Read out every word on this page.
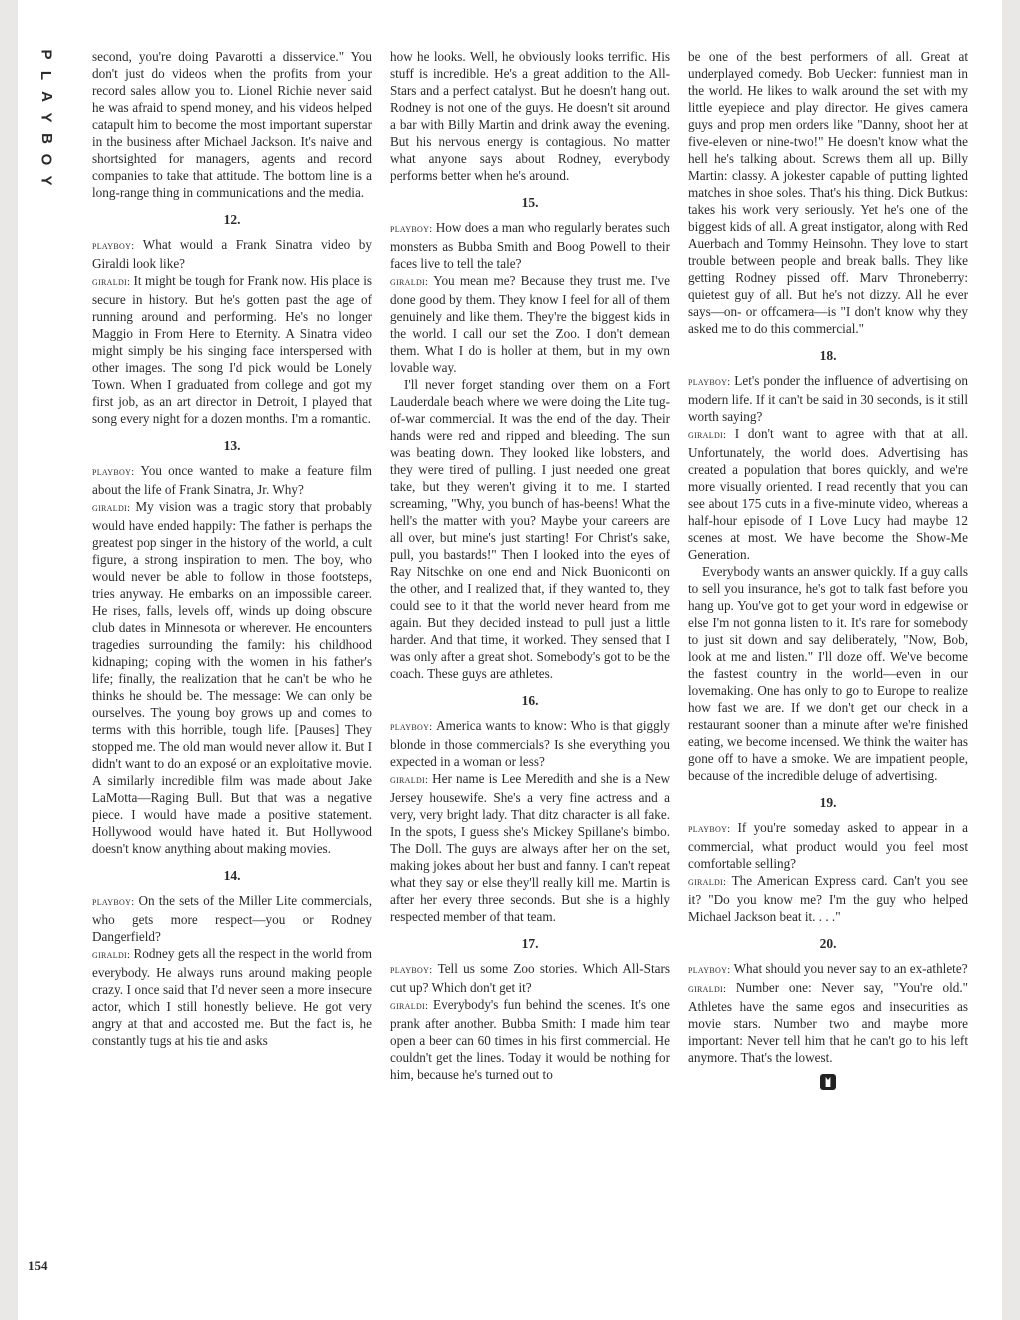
P
L
A
Y
B
O
Y

second, you're doing Pavarotti a disservice." You don't just do videos when the profits from your record sales allow you to. Lionel Richie never said he was afraid to spend money, and his videos helped catapult him to become the most important superstar in the business after Michael Jackson. It's naive and shortsighted for managers, agents and record companies to take that attitude. The bottom line is a long-range thing in communications and the media.

12.

playboy: What would a Frank Sinatra video by Giraldi look like?

giraldi: It might be tough for Frank now. His place is secure in history. But he's gotten past the age of running around and performing. He's no longer Maggio in From Here to Eternity. A Sinatra video might simply be his singing face interspersed with other images. The song I'd pick would be Lonely Town. When I graduated from college and got my first job, as an art director in Detroit, I played that song every night for a dozen months. I'm a romantic.

13.

playboy: You once wanted to make a feature film about the life of Frank Sinatra, Jr. Why?

giraldi: My vision was a tragic story that probably would have ended happily: The father is perhaps the greatest pop singer in the history of the world, a cult figure, a strong inspiration to men. The boy, who would never be able to follow in those footsteps, tries anyway. He embarks on an impossible career. He rises, falls, levels off, winds up doing obscure club dates in Minnesota or wherever. He encounters tragedies surrounding the family: his childhood kidnaping; coping with the women in his father's life; finally, the realization that he can't be who he thinks he should be. The message: We can only be ourselves. The young boy grows up and comes to terms with this horrible, tough life. [Pauses] They stopped me. The old man would never allow it. But I didn't want to do an exposé or an exploitative movie. A similarly incredible film was made about Jake LaMotta—Raging Bull. But that was a negative piece. I would have made a positive statement. Hollywood would have hated it. But Hollywood doesn't know anything about making movies.

14.

playboy: On the sets of the Miller Lite commercials, who gets more respect—you or Rodney Dangerfield?

giraldi: Rodney gets all the respect in the world from everybody. He always runs around making people crazy. I once said that I'd never seen a more insecure actor, which I still honestly believe. He got very angry at that and accosted me. But the fact is, he constantly tugs at his tie and asks

how he looks. Well, he obviously looks terrific. His stuff is incredible. He's a great addition to the All-Stars and a perfect catalyst. But he doesn't hang out. Rodney is not one of the guys. He doesn't sit around a bar with Billy Martin and drink away the evening. But his nervous energy is contagious. No matter what anyone says about Rodney, everybody performs better when he's around.

15.

playboy: How does a man who regularly berates such monsters as Bubba Smith and Boog Powell to their faces live to tell the tale?

giraldi: You mean me? Because they trust me. I've done good by them. They know I feel for all of them genuinely and like them. They're the biggest kids in the world. I call our set the Zoo. I don't demean them. What I do is holler at them, but in my own lovable way.

I'll never forget standing over them on a Fort Lauderdale beach where we were doing the Lite tug-of-war commercial. It was the end of the day. Their hands were red and ripped and bleeding. The sun was beating down. They looked like lobsters, and they were tired of pulling. I just needed one great take, but they weren't giving it to me. I started screaming, "Why, you bunch of has-beens! What the hell's the matter with you? Maybe your careers are all over, but mine's just starting! For Christ's sake, pull, you bastards!" Then I looked into the eyes of Ray Nitschke on one end and Nick Buoniconti on the other, and I realized that, if they wanted to, they could see to it that the world never heard from me again. But they decided instead to pull just a little harder. And that time, it worked. They sensed that I was only after a great shot. Somebody's got to be the coach. These guys are athletes.

16.

playboy: America wants to know: Who is that giggly blonde in those commercials? Is she everything you expected in a woman or less?

giraldi: Her name is Lee Meredith and she is a New Jersey housewife. She's a very fine actress and a very, very bright lady. That ditz character is all fake. In the spots, I guess she's Mickey Spillane's bimbo. The Doll. The guys are always after her on the set, making jokes about her bust and fanny. I can't repeat what they say or else they'll really kill me. Martin is after her every three seconds. But she is a highly respected member of that team.

17.

playboy: Tell us some Zoo stories. Which All-Stars cut up? Which don't get it?

giraldi: Everybody's fun behind the scenes. It's one prank after another. Bubba Smith: I made him tear open a beer can 60 times in his first commercial. He couldn't get the lines. Today it would be nothing for him, because he's turned out to

be one of the best performers of all. Great at underplayed comedy. Bob Uecker: funniest man in the world. He likes to walk around the set with my little eyepiece and play director. He gives camera guys and prop men orders like "Danny, shoot her at five-eleven or nine-two!" He doesn't know what the hell he's talking about. Screws them all up. Billy Martin: classy. A jokester capable of putting lighted matches in shoe soles. That's his thing. Dick Butkus: takes his work very seriously. Yet he's one of the biggest kids of all. A great instigator, along with Red Auerbach and Tommy Heinsohn. They love to start trouble between people and break balls. They like getting Rodney pissed off. Marv Throneberry: quietest guy of all. But he's not dizzy. All he ever says—on- or offcamera—is "I don't know why they asked me to do this commercial."

18.

playboy: Let's ponder the influence of advertising on modern life. If it can't be said in 30 seconds, is it still worth saying?

giraldi: I don't want to agree with that at all. Unfortunately, the world does. Advertising has created a population that bores quickly, and we're more visually oriented. I read recently that you can see about 175 cuts in a five-minute video, whereas a half-hour episode of I Love Lucy had maybe 12 scenes at most. We have become the Show-Me Generation.

Everybody wants an answer quickly. If a guy calls to sell you insurance, he's got to talk fast before you hang up. You've got to get your word in edgewise or else I'm not gonna listen to it. It's rare for somebody to just sit down and say deliberately, "Now, Bob, look at me and listen." I'll doze off. We've become the fastest country in the world—even in our lovemaking. One has only to go to Europe to realize how fast we are. If we don't get our check in a restaurant sooner than a minute after we're finished eating, we become incensed. We think the waiter has gone off to have a smoke. We are impatient people, because of the incredible deluge of advertising.

19.

playboy: If you're someday asked to appear in a commercial, what product would you feel most comfortable selling?

giraldi: The American Express card. Can't you see it? "Do you know me? I'm the guy who helped Michael Jackson beat it. . . ."

20.

playboy: What should you never say to an ex-athlete?

giraldi: Number one: Never say, "You're old." Athletes have the same egos and insecurities as movie stars. Number two and maybe more important: Never tell him that he can't go to his left anymore. That's the lowest.

154
